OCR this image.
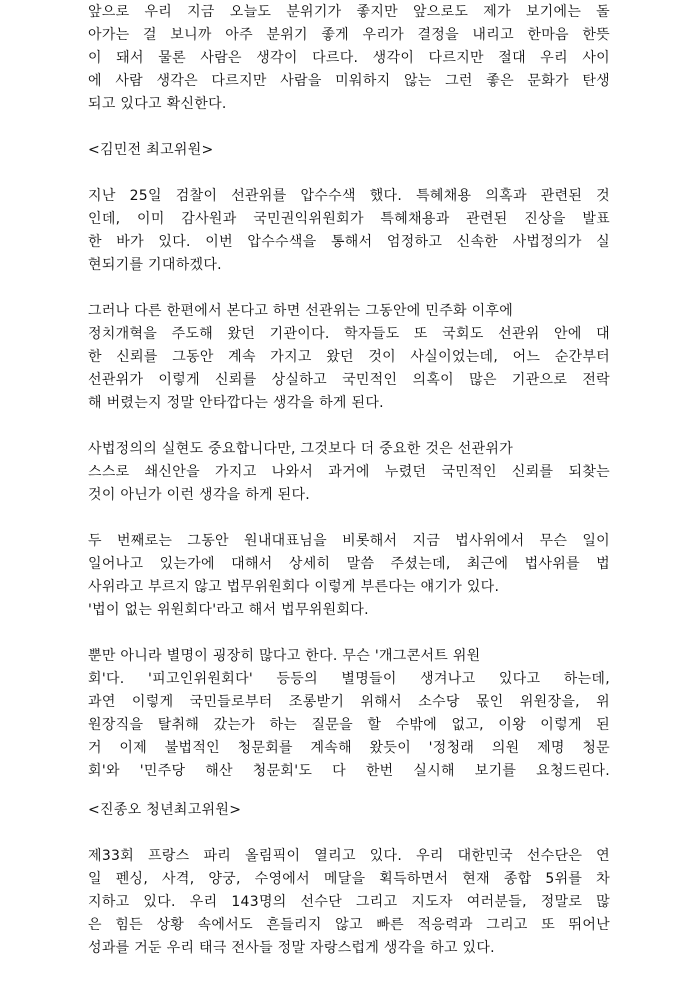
앞으로 우리 지금 오늘도 분위기가 좋지만 앞으로도 제가 보기에는 돌
아가는 걸 보니까 아주 분위기 좋게 우리가 결정을 내리고 한마음 한뜻
이 돼서 물론 사람은 생각이 다르다. 생각이 다르지만 절대 우리 사이
에 사람 생각은 다르지만 사람을 미워하지 않는 그런 좋은 문화가 탄생
되고 있다고 확신한다.

<김민전 최고위원>

지난 25일 검찰이 선관위를 압수수색 했다. 특혜채용 의혹과 관련된 것
인데, 이미 감사원과 국민권익위원회가 특혜채용과 관련된 진상을 발표
한 바가 있다. 이번 압수수색을 통해서 엄정하고 신속한 사법정의가 실
현되기를 기대하겠다.

그러나 다른 한편에서 본다고 하면 선관위는 그동안에 민주화 이후에
정치개혁을 주도해 왔던 기관이다. 학자들도 또 국회도 선관위 안에 대
한 신뢰를 그동안 계속 가지고 왔던 것이 사실이었는데, 어느 순간부터
선관위가 이렇게 신뢰를 상실하고 국민적인 의혹이 많은 기관으로 전락
해 버렸는지 정말 안타깝다는 생각을 하게 된다.

사법정의의 실현도 중요합니다만, 그것보다 더 중요한 것은 선관위가
스스로 쇄신안을 가지고 나와서 과거에 누렸던 국민적인 신뢰를 되찾는
것이 아닌가 이런 생각을 하게 된다.

두 번째로는 그동안 원내대표님을 비롯해서 지금 법사위에서 무슨 일이
일어나고 있는가에 대해서 상세히 말씀 주셨는데, 최근에 법사위를 법
사위라고 부르지 않고 법무위원회다 이렇게 부른다는 얘기가 있다.
'법이 없는 위원회다'라고 해서 법무위원회다.

뿐만 아니라 별명이 굉장히 많다고 한다. 무슨 '개그콘서트 위원
회'다. '피고인위원회다' 등등의 별명들이 생겨나고 있다고 하는데,
과연 이렇게 국민들로부터 조롱받기 위해서 소수당 몫인 위원장을, 위
원장직을 탈취해 갔는가 하는 질문을 할 수밖에 없고, 이왕 이렇게 된
거 이제 불법적인 청문회를 계속해 왔듯이 '정청래 의원 제명 청문
회'와 '민주당 해산 청문회'도 다 한번 실시해 보기를 요청드린다.

<진종오 청년최고위원>

제33회 프랑스 파리 올림픽이 열리고 있다. 우리 대한민국 선수단은 연
일 펜싱, 사격, 양궁, 수영에서 메달을 획득하면서 현재 종합 5위를 차
지하고 있다. 우리 143명의 선수단 그리고 지도자 여러분들, 정말로 많
은 힘든 상황 속에서도 흔들리지 않고 빠른 적응력과 그리고 또 뛰어난
성과를 거둔 우리 태극 전사들 정말 자랑스럽게 생각을 하고 있다.
